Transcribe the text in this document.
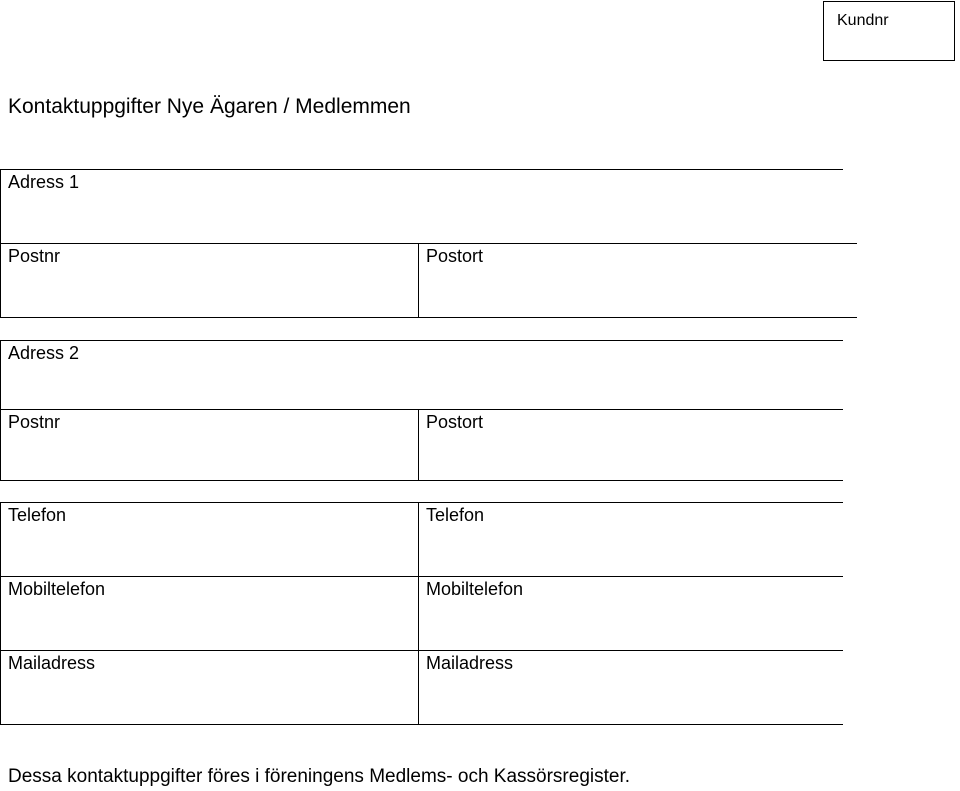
Kundnr
Kontaktuppgifter Nye Ägaren / Medlemmen
Adress 1
Postnr	Postort
Adress 2
Postnr	Postort
Telefon	Telefon
Mobiltelefon	Mobiltelefon
Mailadress	Mailadress
Dessa kontaktuppgifter föres i föreningens Medlems- och Kassörsregister.
